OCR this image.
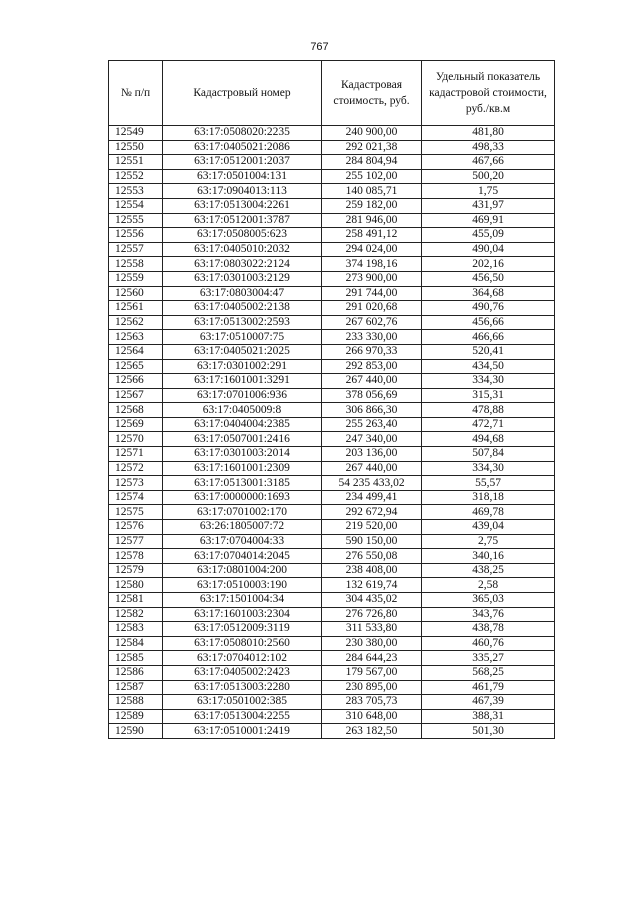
767
№ п/п	Кадастровый номер	Кадастровая стоимость, руб.	Удельный показатель кадастровой стоимости, руб./кв.м
12549	63:17:0508020:2235	240 900,00	481,80
12550	63:17:0405021:2086	292 021,38	498,33
12551	63:17:0512001:2037	284 804,94	467,66
12552	63:17:0501004:131	255 102,00	500,20
12553	63:17:0904013:113	140 085,71	1,75
12554	63:17:0513004:2261	259 182,00	431,97
12555	63:17:0512001:3787	281 946,00	469,91
12556	63:17:0508005:623	258 491,12	455,09
12557	63:17:0405010:2032	294 024,00	490,04
12558	63:17:0803022:2124	374 198,16	202,16
12559	63:17:0301003:2129	273 900,00	456,50
12560	63:17:0803004:47	291 744,00	364,68
12561	63:17:0405002:2138	291 020,68	490,76
12562	63:17:0513002:2593	267 602,76	456,66
12563	63:17:0510007:75	233 330,00	466,66
12564	63:17:0405021:2025	266 970,33	520,41
12565	63:17:0301002:291	292 853,00	434,50
12566	63:17:1601001:3291	267 440,00	334,30
12567	63:17:0701006:936	378 056,69	315,31
12568	63:17:0405009:8	306 866,30	478,88
12569	63:17:0404004:2385	255 263,40	472,71
12570	63:17:0507001:2416	247 340,00	494,68
12571	63:17:0301003:2014	203 136,00	507,84
12572	63:17:1601001:2309	267 440,00	334,30
12573	63:17:0513001:3185	54 235 433,02	55,57
12574	63:17:0000000:1693	234 499,41	318,18
12575	63:17:0701002:170	292 672,94	469,78
12576	63:26:1805007:72	219 520,00	439,04
12577	63:17:0704004:33	590 150,00	2,75
12578	63:17:0704014:2045	276 550,08	340,16
12579	63:17:0801004:200	238 408,00	438,25
12580	63:17:0510003:190	132 619,74	2,58
12581	63:17:1501004:34	304 435,02	365,03
12582	63:17:1601003:2304	276 726,80	343,76
12583	63:17:0512009:3119	311 533,80	438,78
12584	63:17:0508010:2560	230 380,00	460,76
12585	63:17:0704012:102	284 644,23	335,27
12586	63:17:0405002:2423	179 567,00	568,25
12587	63:17:0513003:2280	230 895,00	461,79
12588	63:17:0501002:385	283 705,73	467,39
12589	63:17:0513004:2255	310 648,00	388,31
12590	63:17:0510001:2419	263 182,50	501,30
